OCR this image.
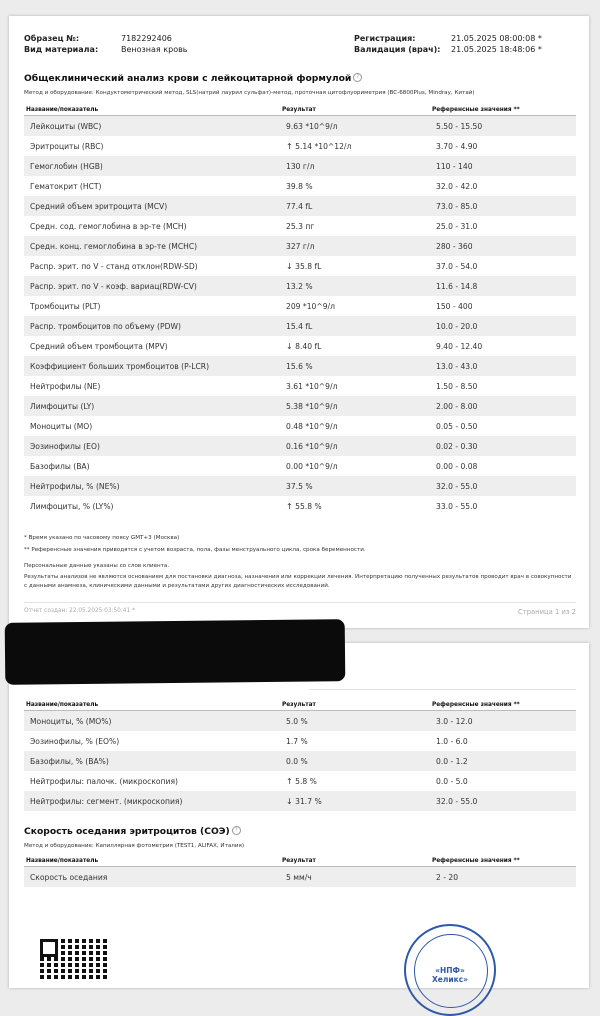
Образец №:	7182292406
Вид материала:	Венозная кровь
Регистрация:	21.05.2025 08:00:08 *
Валидация (врач): 21.05.2025 18:48:06 *
Общеклинический анализ крови с лейкоцитарной формулой ?
Метод и оборудование: Кондуктометрический метод, SLS(натрий лаурил сульфат)-метод, проточная цитофлуориметрия (BC-6800Plus, Mindray, Китай)
Название/показатель	Результат	Референсные значения **
Лейкоциты (WBC)	9.63 *10^9/л	5.50 - 15.50
Эритроциты (RBC)	↑ 5.14 *10^12/л	3.70 - 4.90
Гемоглобин (HGB)	130 г/л	110 - 140
Гематокрит (HCT)	39.8 %	32.0 - 42.0
Средний объем эритроцита (MCV)	77.4 fL	73.0 - 85.0
Средн. сод. гемоглобина в эр-те (MCH)	25.3 пг	25.0 - 31.0
Средн. конц. гемоглобина в эр-те (MCHC)	327 г/л	280 - 360
Распр. эрит. по V - станд отклон(RDW-SD)	↓ 35.8 fL	37.0 - 54.0
Распр. эрит. по V - коэф. вариац(RDW-CV)	13.2 %	11.6 - 14.8
Тромбоциты (PLT)	209 *10^9/л	150 - 400
Распр. тромбоцитов по объему (PDW)	15.4 fL	10.0 - 20.0
Средний объем тромбоцита (MPV)	↓ 8.40 fL	9.40 - 12.40
Коэффициент больших тромбоцитов (P-LCR)	15.6 %	13.0 - 43.0
Нейтрофилы (NE)	3.61 *10^9/л	1.50 - 8.50
Лимфоциты (LY)	5.38 *10^9/л	2.00 - 8.00
Моноциты (MO)	0.48 *10^9/л	0.05 - 0.50
Эозинофилы (EO)	0.16 *10^9/л	0.02 - 0.30
Базофилы (BA)	0.00 *10^9/л	0.00 - 0.08
Нейтрофилы, % (NE%)	37.5 %	32.0 - 55.0
Лимфоциты, % (LY%)	↑ 55.8 %	33.0 - 55.0
* Время указано по часовому поясу GMT+3 (Москва)
** Референсные значения приводятся с учетом возраста, пола, фазы менструального цикла, срока беременности.
Персональные данные указаны со слов клиента.
Результаты анализов не являются основанием для постановки диагноза, назначения или коррекции лечения. Интерпретацию полученных результатов проводит врач в совокупности с данными анамнеза, клиническими данными и результатами других диагностических исследований.
Отчет создан: 22.05.2025 03:50:41 *	Страница 1 из 2
Название/показатель	Результат	Референсные значения **
Моноциты, % (MO%)	5.0 %	3.0 - 12.0
Эозинофилы, % (EO%)	1.7 %	1.0 - 6.0
Базофилы, % (BA%)	0.0 %	0.0 - 1.2
Нейтрофилы: палочк. (микроскопия)	↑ 5.8 %	0.0 - 5.0
Нейтрофилы: сегмент. (микроскопия)	↓ 31.7 %	32.0 - 55.0
Скорость оседания эритроцитов (СОЭ) ?
Метод и оборудование: Капиллярная фотометрия (TEST1, ALIFAX, Италия)
Название/показатель	Результат	Референсные значения **
Скорость оседания	5 мм/ч	2 - 20
«НПФ» Хеликс»
